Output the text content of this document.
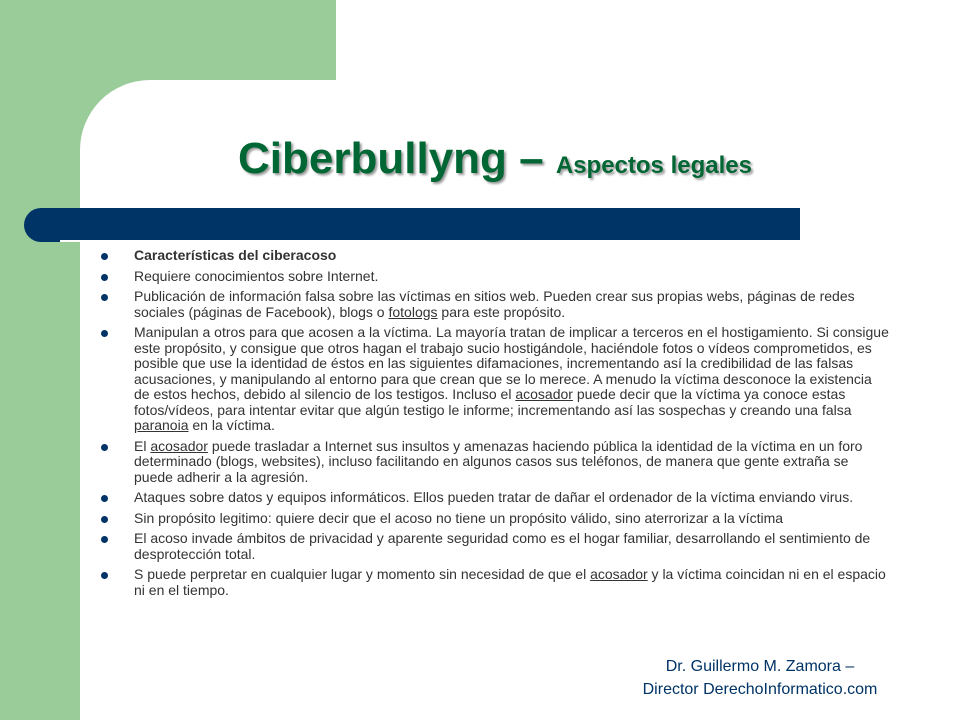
Ciberbullyng – Aspectos legales
Características del ciberacoso
Requiere conocimientos sobre Internet.
Publicación de información falsa sobre las víctimas en sitios web. Pueden crear sus propias webs, páginas de redes sociales (páginas de Facebook), blogs o fotologs para este propósito.
Manipulan a otros para que acosen a la víctima. La mayoría tratan de implicar a terceros en el hostigamiento. Si consigue este propósito, y consigue que otros hagan el trabajo sucio hostigándole, haciéndole fotos o vídeos comprometidos, es posible que use la identidad de éstos en las siguientes difamaciones, incrementando así la credibilidad de las falsas acusaciones, y manipulando al entorno para que crean que se lo merece. A menudo la víctima desconoce la existencia de estos hechos, debido al silencio de los testigos. Incluso el acosador puede decir que la víctima ya conoce estas fotos/vídeos, para intentar evitar que algún testigo le informe; incrementando así las sospechas y creando una falsa paranoia en la víctima.
El acosador puede trasladar a Internet sus insultos y amenazas haciendo pública la identidad de la víctima en un foro determinado (blogs, websites), incluso facilitando en algunos casos sus teléfonos, de manera que gente extraña se puede adherir a la agresión.
Ataques sobre datos y equipos informáticos. Ellos pueden tratar de dañar el ordenador de la víctima enviando virus.
Sin propósito legitimo: quiere decir que el acoso no tiene un propósito válido, sino aterrorizar a la víctima
El acoso invade ámbitos de privacidad y aparente seguridad como es el hogar familiar, desarrollando el sentimiento de desprotección total.
S puede perpretar en cualquier lugar y momento sin necesidad de que el acosador y la víctima coincidan ni en el espacio ni en el tiempo.
Dr. Guillermo M. Zamora –
Director DerechoInformatico.com
